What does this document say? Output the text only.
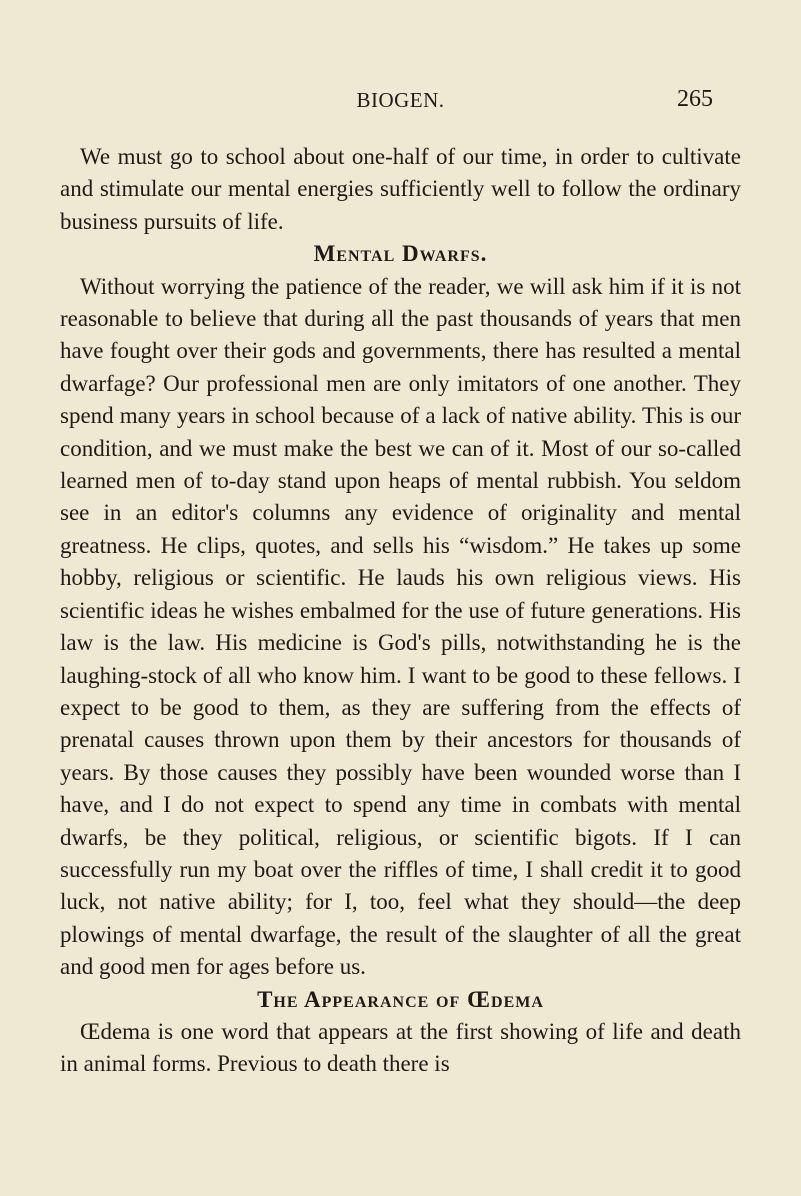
BIOGEN.	265

We must go to school about one-half of our time, in order to cultivate and stimulate our mental energies sufficiently well to follow the ordinary business pursuits of life.

Mental Dwarfs.

Without worrying the patience of the reader, we will ask him if it is not reasonable to believe that during all the past thousands of years that men have fought over their gods and governments, there has resulted a mental dwarfage? Our professional men are only imitators of one another. They spend many years in school because of a lack of native ability. This is our condition, and we must make the best we can of it. Most of our so-called learned men of to-day stand upon heaps of mental rubbish. You seldom see in an editor's columns any evidence of originality and mental greatness. He clips, quotes, and sells his “wisdom.” He takes up some hobby, religious or scientific. He lauds his own religious views. His scientific ideas he wishes embalmed for the use of future generations. His law is the law. His medicine is God's pills, notwithstanding he is the laughing-stock of all who know him. I want to be good to these fellows. I expect to be good to them, as they are suffering from the effects of prenatal causes thrown upon them by their ancestors for thousands of years. By those causes they possibly have been wounded worse than I have, and I do not expect to spend any time in combats with mental dwarfs, be they political, religious, or scientific bigots. If I can successfully run my boat over the riffles of time, I shall credit it to good luck, not native ability; for I, too, feel what they should—the deep plowings of mental dwarfage, the result of the slaughter of all the great and good men for ages before us.

The Appearance of Œdema

Œdema is one word that appears at the first showing of life and death in animal forms. Previous to death there is
